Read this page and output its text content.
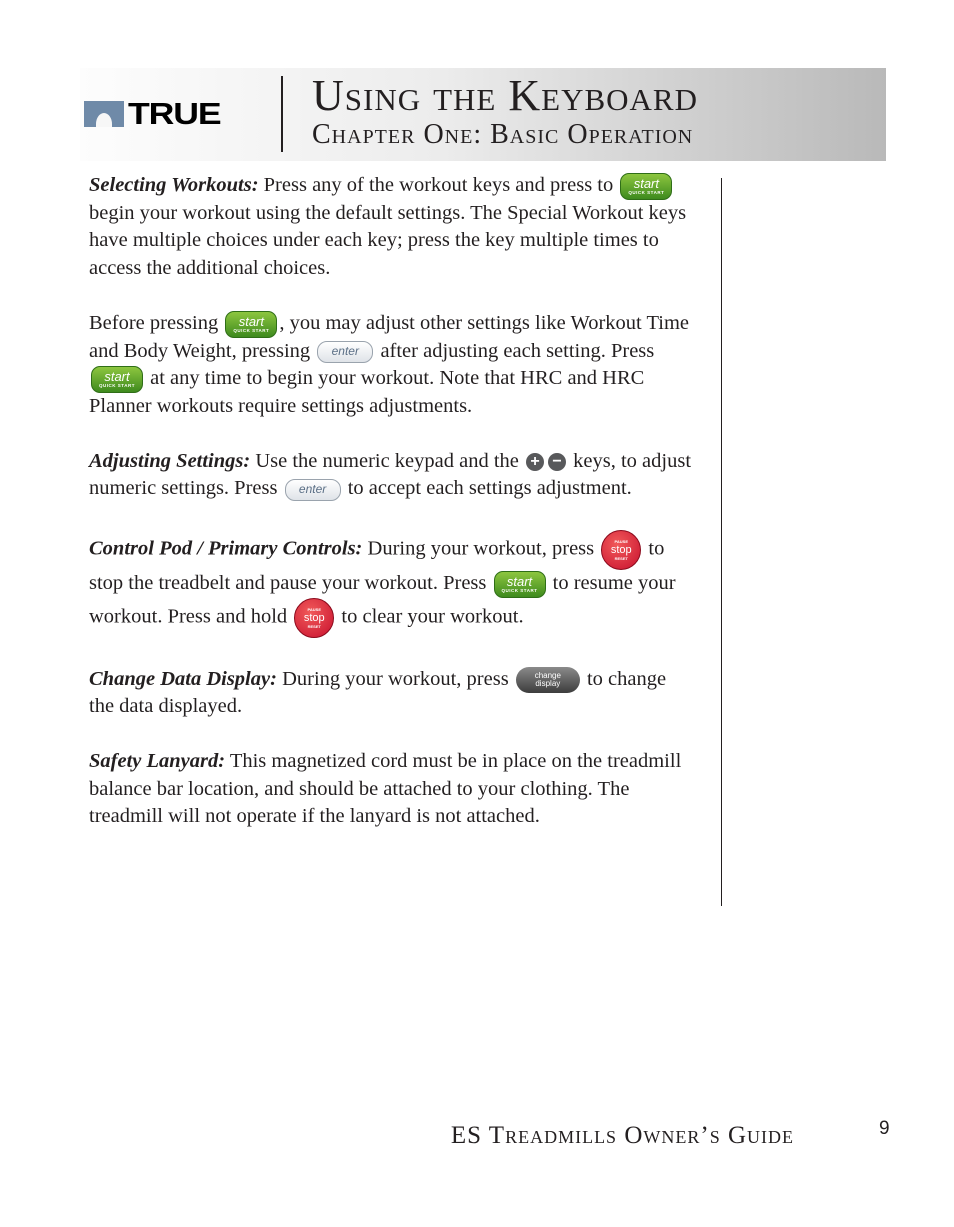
TRUE Using the Keyboard
Chapter One: Basic Operation

Selecting Workouts: Press any of the workout keys and press to start
QUICK START
begin your workout using the default settings. The Special Workout keys have multiple choices under each key; press the key multiple times to access the additional choices.

Before pressing start
QUICK START , you may adjust other settings like Workout Time and Body Weight, pressing enter after adjusting each setting. Press
start
QUICK START at any time to begin your workout. Note that HRC and HRC Planner workouts require settings adjustments.

Adjusting Settings: Use the numeric keypad and the + − keys, to adjust numeric settings. Press enter to accept each settings adjustment.

Control Pod / Primary Controls: During your workout, press	PAUSE
stop
RESET to stop the treadbelt and pause your workout. Press start
QUICK START to resume your workout. Press and hold	PAUSE
stop
RESET to clear your workout.

Change Data Display: During your workout, press	change
display to change the data displayed.

Safety Lanyard: This magnetized cord must be in place on the treadmill balance bar location, and should be attached to your clothing. The treadmill will not operate if the lanyard is not attached.

ES Treadmills Owner’s Guide	9
